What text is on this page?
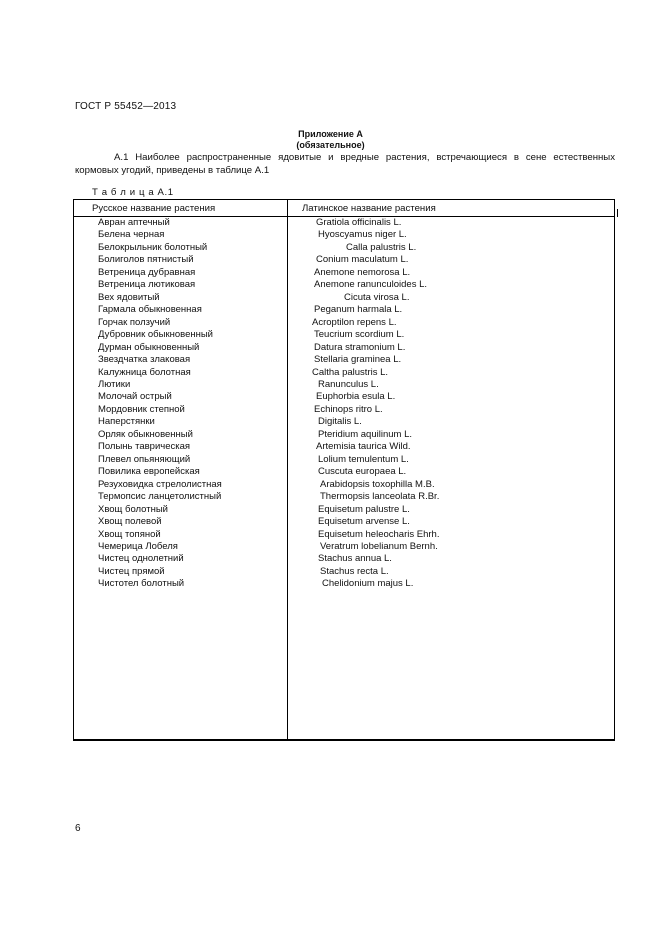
ГОСТ Р 55452—2013
Приложение А
(обязательное)
А.1 Наиболее распространенные ядовитые и вредные растения, встречающиеся в сене естественных кормовых угодий, приведены в таблице А.1
Т а б л и ц а А.1
Русское название растения	Латинское название растения
Авран аптечный	Gratiola officinalis L.
Белена черная	Hyoscyamus niger L.
Белокрыльник болотный	Calla palustris L.
Болиголов пятнистый	Conium maculatum L.
Ветреница дубравная	Anemone nemorosa L.
Ветреница лютиковая	Anemone ranunculoides L.
Вех ядовитый	Cicuta virosa L.
Гармала обыкновенная	Peganum harmala L.
Горчак ползучий	Acroptilon repens L.
Дубровник обыкновенный	Teucrium scordium L.
Дурман обыкновенный	Datura stramonium L.
Звездчатка злаковая	Stellaria graminea L.
Калужница болотная	Caltha palustris L.
Лютики	Ranunculus L.
Молочай острый	Euphorbia esula L.
Мордовник степной	Echinops ritro L.
Наперстянки	Digitalis L.
Орляк обыкновенный	Pteridium aquilinum L.
Полынь таврическая	Artemisia taurica Wild.
Плевел опьяняющий	Lolium temulentum L.
Повилика европейская	Cuscuta europaea L.
Резуховидка стрелолистная	Arabidopsis toxophilla M.B.
Термопсис ланцетолистный	Thermopsis lanceolata R.Br.
Хвощ болотный	Equisetum palustre L.
Хвощ полевой	Equisetum arvense L.
Хвощ топяной	Equisetum heleocharis Ehrh.
Чемерица Лобеля	Veratrum lobelianum Bernh.
Чистец однолетний	Stachus annua L.
Чистец прямой	Stachus recta L.
Чистотел болотный	Chelidonium majus L.
6
